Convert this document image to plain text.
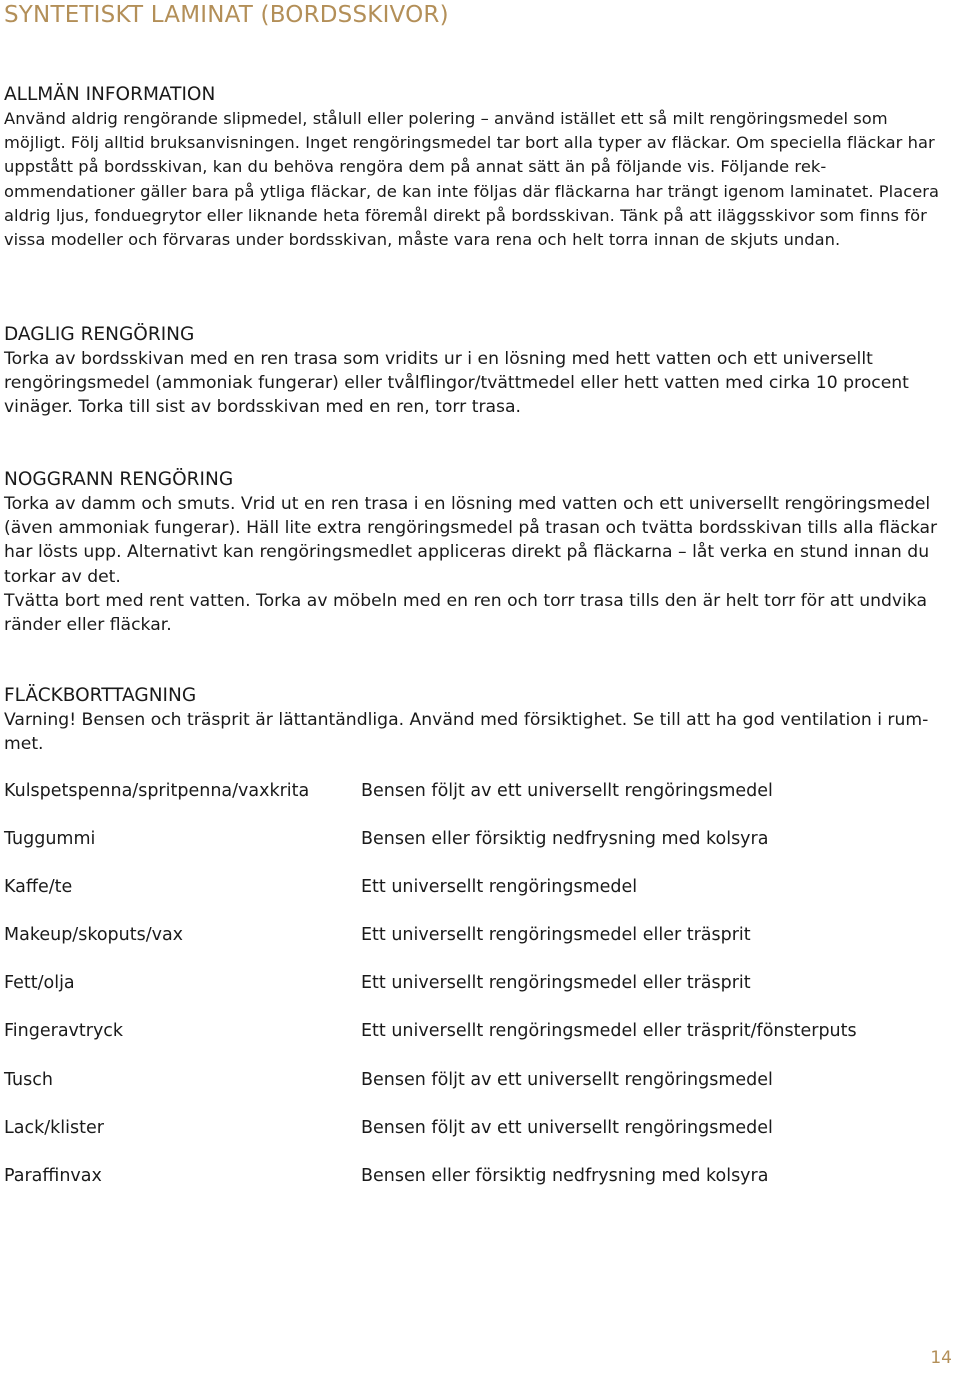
SYNTETISKT LAMINAT (BORDSSKIVOR)
ALLMÄN INFORMATION

Använd aldrig rengörande slipmedel, stålull eller polering – använd istället ett så milt rengöringsmedel som möjligt. Följ alltid bruksanvisningen. Inget rengöringsmedel tar bort alla typer av fläckar. Om speciella fläckar har uppstått på bordsskivan, kan du behöva rengöra dem på annat sätt än på följande vis. Följande rekommendationer gäller bara på ytliga fläckar, de kan inte följas där fläckarna har trängt igenom laminatet. Placera aldrig ljus, fonduegrytor eller liknande heta föremål direkt på bordsskivan. Tänk på att iläggsskivor som finns för vissa modeller och förvaras under bordsskivan, måste vara rena och helt torra innan de skjuts undan.

DAGLIG RENGÖRING

Torka av bordsskivan med en ren trasa som vridits ur i en lösning med hett vatten och ett universellt rengöringsmedel (ammoniak fungerar) eller tvålflingor/tvättmedel eller hett vatten med cirka 10 procent vinäger. Torka till sist av bordsskivan med en ren, torr trasa.

NOGGRANN RENGÖRING

Torka av damm och smuts. Vrid ut en ren trasa i en lösning med vatten och ett universellt rengöringsmedel (även ammoniak fungerar). Häll lite extra rengöringsmedel på trasan och tvätta bordsskivan tills alla fläckar har lösts upp. Alternativt kan rengöringsmedlet appliceras direkt på fläckarna – låt verka en stund innan du torkar av det.

Tvätta bort med rent vatten. Torka av möbeln med en ren och torr trasa tills den är helt torr för att undvika ränder eller fläckar.

FLÄCKBORTTAGNING

Varning! Bensen och träsprit är lättantändliga. Använd med försiktighet. Se till att ha god ventilation i rummet.

Kulspetspenna/spritpenna/vaxkrita	Bensen följt av ett universellt rengöringsmedel
Tuggummi	Bensen eller försiktig nedfrysning med kolsyra
Kaffe/te	Ett universellt rengöringsmedel
Makeup/skoputs/vax	Ett universellt rengöringsmedel eller träsprit
Fett/olja	Ett universellt rengöringsmedel eller träsprit
Fingeravtryck	Ett universellt rengöringsmedel eller träsprit/fönsterputs
Tusch	Bensen följt av ett universellt rengöringsmedel
Lack/klister	Bensen följt av ett universellt rengöringsmedel
Paraffinvax	Bensen eller försiktig nedfrysning med kolsyra
14
